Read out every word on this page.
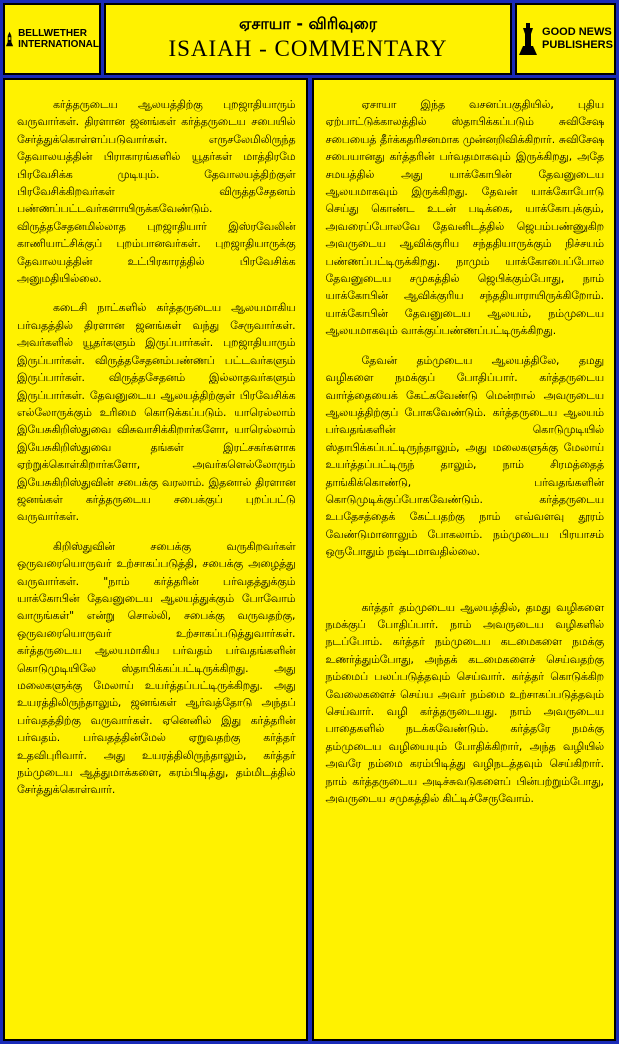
BELLWETHER
INTERNATIONAL
ஏசாயா - விரிவுரை
ISAIAH - COMMENTARY
GOOD NEWS
PUBLISHERS

கர்த்தருடைய ஆலயத்திற்கு புறஜாதியாரும் வருவார்கள். திரளான ஜனங்கள் கர்த்தருடைய சபையில் சேர்த்துக்கொள்ளப்படுவார்கள். எருசலேமிலிருந்த தேவாலயத்தின் பிராகாரங்களில் யூதர்கள் மாத்திரமே பிரவேசிக்க முடியும். தேவாலயத்திற்குள் பிரவேசிக்கிறவர்கள் விருத்தசேதனம் பண்ணப்பட்டவர்களாயிருக்கவேண்டும். விருத்தசேதனமில்லாத புறஜாதியார் இஸ்ரவேலின் காணியாட்சிக்குப் புறம்பானவர்கள். புறஜாதியாருக்கு தேவாலயத்தின் உட்பிரகாரத்தில் பிரவேசிக்க அனுமதியில்லை.

கடைசி நாட்களில் கர்த்தருடைய ஆலயமாகிய பர்வதத்தில் திரளான ஜனங்கள் வந்து சேருவார்கள். அவர்களில் யூதர்களும் இருப்பார்கள். புறஜாதியாரும் இருப்பார்கள். விருத்தசேதனம்பண்ணப் பட்டவர்களும் இருப்பார்கள். விருத்தசேதனம் இல்லாதவர்களும் இருப்பார்கள். தேவனுடைய ஆலயத்திற்குள் பிரவேசிக்க எல்லோருக்கும் உரிமை கொடுக்கப்படும். யாரெல்லாம் இயேசுகிறிஸ்துவை விசுவாசிக்கிறார்களோ, யாரெல்லாம் இயேசுகிறிஸ்துவை தங்கள் இரட்சகர்களாக ஏற்றுக்கொள்கிறார்களோ, அவர்களெல்லோரும் இயேசுகிறிஸ்துவின் சபைக்கு வரலாம். இதனால் திரளான ஜனங்கள் கர்த்தருடைய சபைக்குப் புறப்பட்டு வருவார்கள்.

கிறிஸ்துவின் சபைக்கு வருகிறவர்கள் ஒருவரையொருவர் உற்சாகப்படுத்தி, சபைக்கு அழைத்து வருவார்கள். "நாம் கர்த்தரின் பர்வதத்துக்கும் யாக்கோபின் தேவனுடைய ஆலயத்துக்கும் போவோம் வாருங்கள்" என்று சொல்லி, சபைக்கு வருவதற்கு, ஒருவரையொருவர் உற்சாகப்படுத்துவார்கள். கர்த்தருடைய ஆலயமாகிய பர்வதம் பர்வதங்களின் கொடுமுடியிலே ஸ்தாபிக்கப்பட்டிருக்கிறது. அது மலைகளுக்கு மேலாய் உயர்த்தப்பட்டிருக்கிறது. அது உயரத்திலிருந்தாலும், ஜனங்கள் ஆர்வத்தோடு அந்தப் பர்வதத்திற்கு வருவார்கள். ஏனெனில் இது கர்த்தரின் பர்வதம். பர்வதத்தின்மேல் ஏறுவதற்கு கர்த்தர் உதவிபுரிவார். அது உயரத்திலிருந்தாலும், கர்த்தர் நம்முடைய ஆத்துமாக்களை, கரம்பிடித்து, தம்மிடத்தில் சேர்த்துக்கொள்வார்.

ஏசாயா இந்த வசனப்பகுதியில், புதிய ஏற்பாட்டுக்காலத்தில் ஸ்தாபிக்கப்படும் சுவிசேஷ சபையைத் தீர்க்கதரிசனமாக முன்னறிவிக்கிறார். சுவிசேஷ சபையானது கர்த்தரின் பர்வதமாகவும் இருக்கிறது, அதே சமயத்தில் அது யாக்கோபின் தேவனுடைய ஆலயமாகவும் இருக்கிறது. தேவன் யாக்கோபோடு செய்து கொண்ட உடன் படிக்கை, யாக்கோபுக்கும், அவரைப்போலவே தேவனிடத்தில் ஜெபம்பண்ணுகிற அவருடைய ஆவிக்குரிய சந்ததியாருக்கும் நிச்சயம் பண்ணப்பட்டிருக்கிறது. நாமும் யாக்கோபைப்போல தேவனுடைய சமுகத்தில் ஜெபிக்கும்போது, நாம் யாக்கோபின் ஆவிக்குரிய சந்ததியாராயிருக்கிறோம். யாக்கோபின் தேவனுடைய ஆலயம், நம்முடைய ஆலயமாகவும் வாக்குப்பண்ணப்பட்டிருக்கிறது.

தேவன் தம்முடைய ஆலயத்திலே, தமது வழிகளை நமக்குப் போதிப்பார். கர்த்தருடைய வார்த்தையைக் கேட்கவேண்டு மென்றால் அவருடைய ஆலயத்திற்குப் போகவேண்டும். கர்த்தருடைய ஆலயம் பர்வதங்களின் கொடுமுடியில் ஸ்தாபிக்கப்பட்டிருந்தாலும், அது மலைகளுக்கு மேலாய் உயர்த்தப்பட்டிருந் தாலும், நாம் சிரமத்தைத் தாங்கிக்கொண்டு, பர்வதங்களின் கொடுமுடிக்குப்போகவேண்டும். கர்த்தருடைய உபதேசத்தைக் கேட்பதற்கு நாம் எவ்வளவு தூரம் வேண்டுமானாலும் போகலாம். நம்முடைய பிரயாசம் ஒருபோதும் நஷ்டமாவதில்லை.

கர்த்தர் தம்முடைய ஆலயத்தில், தமது வழிகளை நமக்குப் போதிப்பார். நாம் அவருடைய வழிகளில் நடப்போம். கர்த்தர் நம்முடைய கடமைகளை நமக்கு உணர்த்தும்போது, அந்தக் கடமைகளைச் செய்வதற்கு நம்மைப் பலப்படுத்தவும் செய்வார். கர்த்தர் கொடுக்கிற வேலைகளைச் செய்ய அவர் நம்மை உற்சாகப்படுத்தவும் செய்வார். வழி கர்த்தருடையது. நாம் அவருடைய பாதைகளில் நடக்கவேண்டும். கர்த்தரே நமக்கு தம்முடைய வழியையும் போதிக்கிறார், அந்த வழியில் அவரே நம்மை கரம்பிடித்து வழிநடத்தவும் செய்கிறார். நாம் கர்த்தருடைய அடிச்சுவடுகளைப் பின்பற்றும்போது, அவருடைய சமுகத்தில் கிட்டிச்சேருவோம்.
